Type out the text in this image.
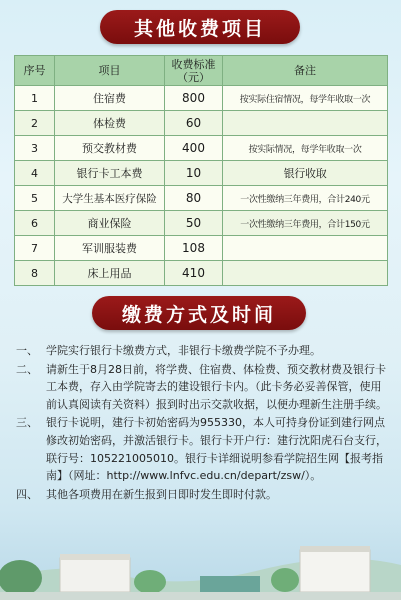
其他收费项目
序号	项目	收费标准（元）	备注
1	住宿费	800	按实际住宿情况，每学年收取一次
2	体检费	60	
3	预交教材费	400	按实际情况，每学年收取一次
4	银行卡工本费	10	银行收取
5	大学生基本医疗保险	80	一次性缴纳三年费用，合计240元
6	商业保险	50	一次性缴纳三年费用，合计150元
7	军训服装费	108	
8	床上用品	410	
缴费方式及时间

一、 学院实行银行卡缴费方式，非银行卡缴费学院不予办理。

二、 请新生于8月28日前，将学费、住宿费、体检费、预交教材费及银行卡工本费，存入由学院寄去的建设银行卡内。（此卡务必妥善保管，使用前认真阅读有关资料）报到时出示交款收据，以便办理新生注册手续。

三、 银行卡说明，建行卡初始密码为955330，本人可持身份证到建行网点修改初始密码，并激活银行卡。银行卡开户行：建行沈阳虎石台支行，联行号：105221005010。银行卡详细说明参看学院招生网【报考指南】（网址：http://www.lnfvc.edu.cn/depart/zsw/）。

四、 其他各项费用在新生报到日即时发生即时付款。
